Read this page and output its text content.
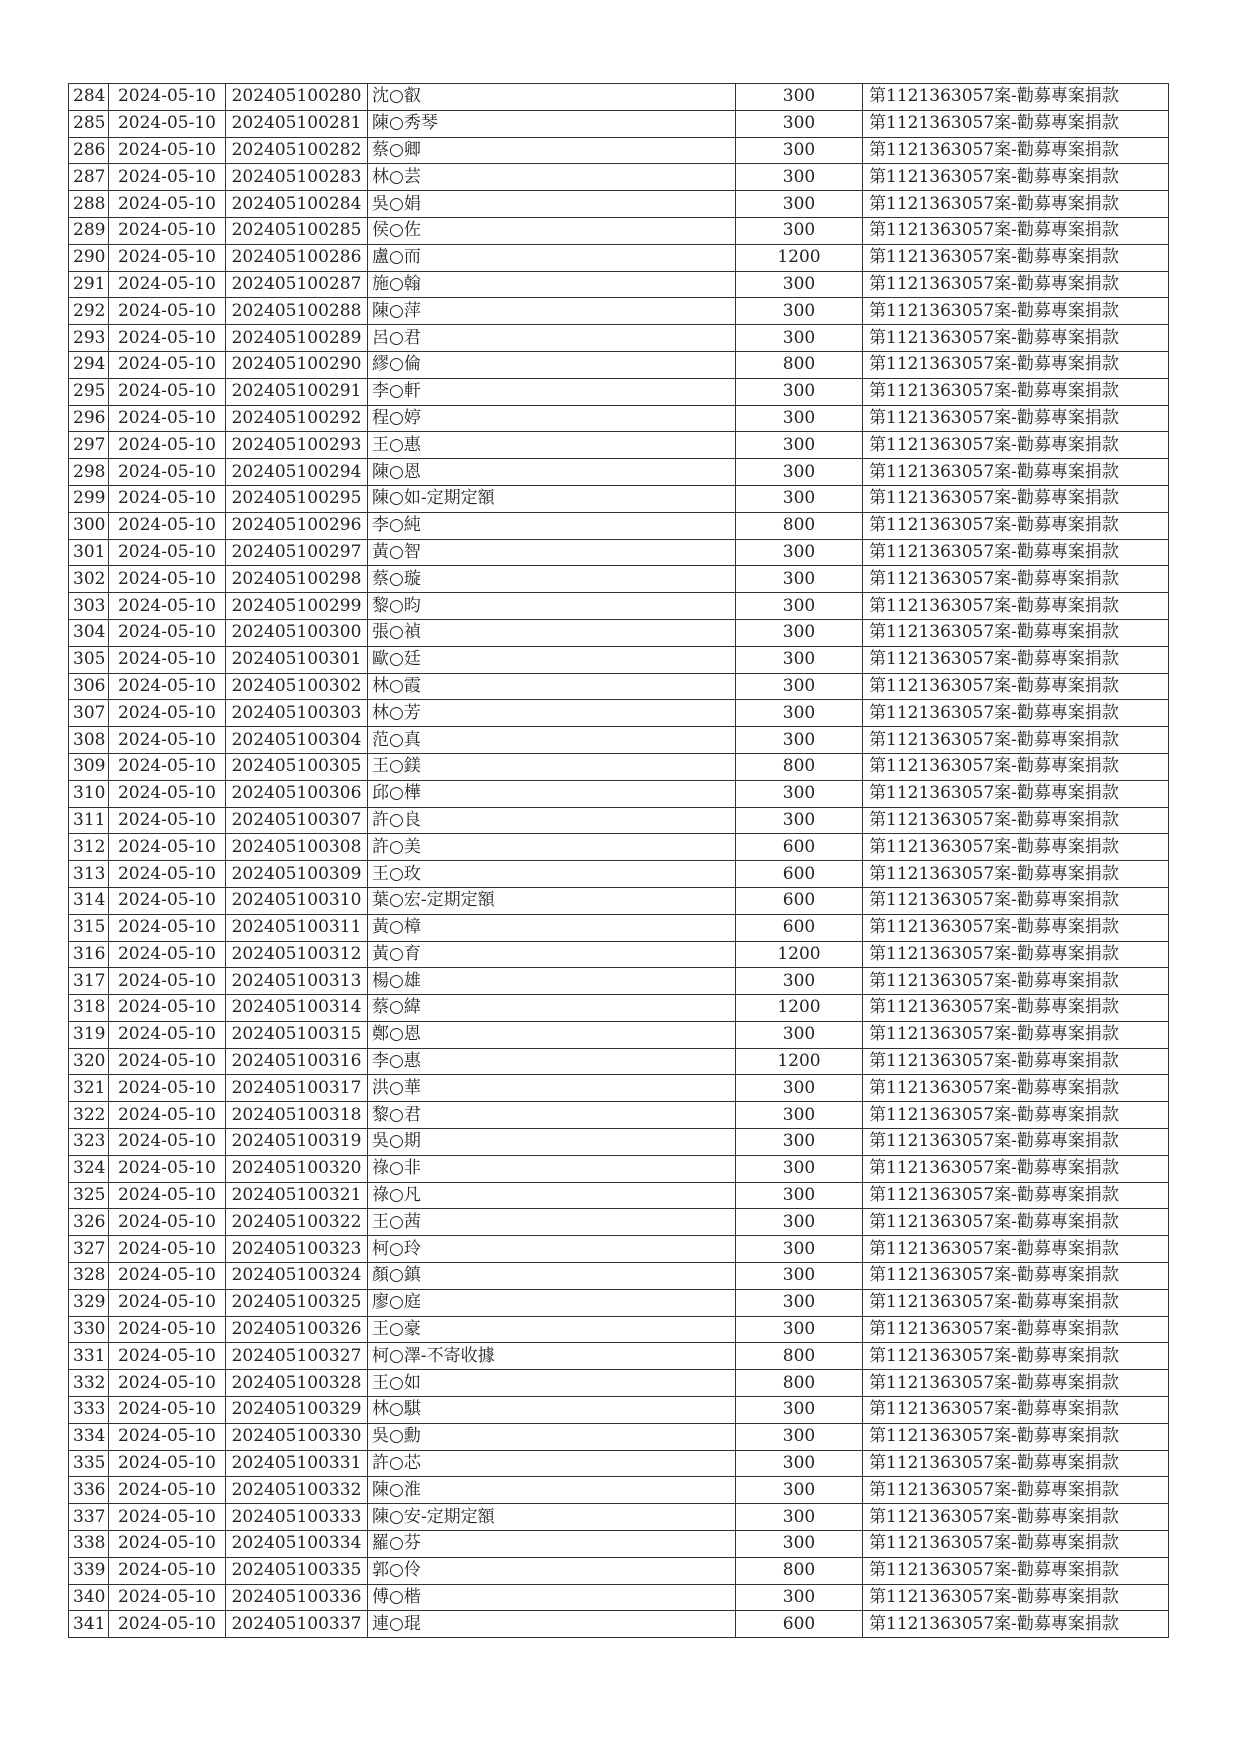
284	2024-05-10	202405100280	沈○叡	300	第1121363057案-勸募專案捐款
285	2024-05-10	202405100281	陳○秀琴	300	第1121363057案-勸募專案捐款
286	2024-05-10	202405100282	蔡○卿	300	第1121363057案-勸募專案捐款
287	2024-05-10	202405100283	林○芸	300	第1121363057案-勸募專案捐款
288	2024-05-10	202405100284	吳○娟	300	第1121363057案-勸募專案捐款
289	2024-05-10	202405100285	侯○佐	300	第1121363057案-勸募專案捐款
290	2024-05-10	202405100286	盧○而	1200	第1121363057案-勸募專案捐款
291	2024-05-10	202405100287	施○翰	300	第1121363057案-勸募專案捐款
292	2024-05-10	202405100288	陳○萍	300	第1121363057案-勸募專案捐款
293	2024-05-10	202405100289	呂○君	300	第1121363057案-勸募專案捐款
294	2024-05-10	202405100290	繆○倫	800	第1121363057案-勸募專案捐款
295	2024-05-10	202405100291	李○軒	300	第1121363057案-勸募專案捐款
296	2024-05-10	202405100292	程○婷	300	第1121363057案-勸募專案捐款
297	2024-05-10	202405100293	王○惠	300	第1121363057案-勸募專案捐款
298	2024-05-10	202405100294	陳○恩	300	第1121363057案-勸募專案捐款
299	2024-05-10	202405100295	陳○如-定期定額	300	第1121363057案-勸募專案捐款
300	2024-05-10	202405100296	李○純	800	第1121363057案-勸募專案捐款
301	2024-05-10	202405100297	黃○智	300	第1121363057案-勸募專案捐款
302	2024-05-10	202405100298	蔡○璇	300	第1121363057案-勸募專案捐款
303	2024-05-10	202405100299	黎○昀	300	第1121363057案-勸募專案捐款
304	2024-05-10	202405100300	張○禎	300	第1121363057案-勸募專案捐款
305	2024-05-10	202405100301	歐○廷	300	第1121363057案-勸募專案捐款
306	2024-05-10	202405100302	林○霞	300	第1121363057案-勸募專案捐款
307	2024-05-10	202405100303	林○芳	300	第1121363057案-勸募專案捐款
308	2024-05-10	202405100304	范○真	300	第1121363057案-勸募專案捐款
309	2024-05-10	202405100305	王○鎂	800	第1121363057案-勸募專案捐款
310	2024-05-10	202405100306	邱○樺	300	第1121363057案-勸募專案捐款
311	2024-05-10	202405100307	許○良	300	第1121363057案-勸募專案捐款
312	2024-05-10	202405100308	許○美	600	第1121363057案-勸募專案捐款
313	2024-05-10	202405100309	王○玫	600	第1121363057案-勸募專案捐款
314	2024-05-10	202405100310	葉○宏-定期定額	600	第1121363057案-勸募專案捐款
315	2024-05-10	202405100311	黃○樟	600	第1121363057案-勸募專案捐款
316	2024-05-10	202405100312	黃○育	1200	第1121363057案-勸募專案捐款
317	2024-05-10	202405100313	楊○雄	300	第1121363057案-勸募專案捐款
318	2024-05-10	202405100314	蔡○緯	1200	第1121363057案-勸募專案捐款
319	2024-05-10	202405100315	鄭○恩	300	第1121363057案-勸募專案捐款
320	2024-05-10	202405100316	李○惠	1200	第1121363057案-勸募專案捐款
321	2024-05-10	202405100317	洪○華	300	第1121363057案-勸募專案捐款
322	2024-05-10	202405100318	黎○君	300	第1121363057案-勸募專案捐款
323	2024-05-10	202405100319	吳○期	300	第1121363057案-勸募專案捐款
324	2024-05-10	202405100320	祿○非	300	第1121363057案-勸募專案捐款
325	2024-05-10	202405100321	祿○凡	300	第1121363057案-勸募專案捐款
326	2024-05-10	202405100322	王○茜	300	第1121363057案-勸募專案捐款
327	2024-05-10	202405100323	柯○玲	300	第1121363057案-勸募專案捐款
328	2024-05-10	202405100324	顏○鎮	300	第1121363057案-勸募專案捐款
329	2024-05-10	202405100325	廖○庭	300	第1121363057案-勸募專案捐款
330	2024-05-10	202405100326	王○豪	300	第1121363057案-勸募專案捐款
331	2024-05-10	202405100327	柯○澤-不寄收據	800	第1121363057案-勸募專案捐款
332	2024-05-10	202405100328	王○如	800	第1121363057案-勸募專案捐款
333	2024-05-10	202405100329	林○騏	300	第1121363057案-勸募專案捐款
334	2024-05-10	202405100330	吳○勳	300	第1121363057案-勸募專案捐款
335	2024-05-10	202405100331	許○芯	300	第1121363057案-勸募專案捐款
336	2024-05-10	202405100332	陳○淮	300	第1121363057案-勸募專案捐款
337	2024-05-10	202405100333	陳○安-定期定額	300	第1121363057案-勸募專案捐款
338	2024-05-10	202405100334	羅○芬	300	第1121363057案-勸募專案捐款
339	2024-05-10	202405100335	郭○伶	800	第1121363057案-勸募專案捐款
340	2024-05-10	202405100336	傅○楷	300	第1121363057案-勸募專案捐款
341	2024-05-10	202405100337	連○琨	600	第1121363057案-勸募專案捐款
